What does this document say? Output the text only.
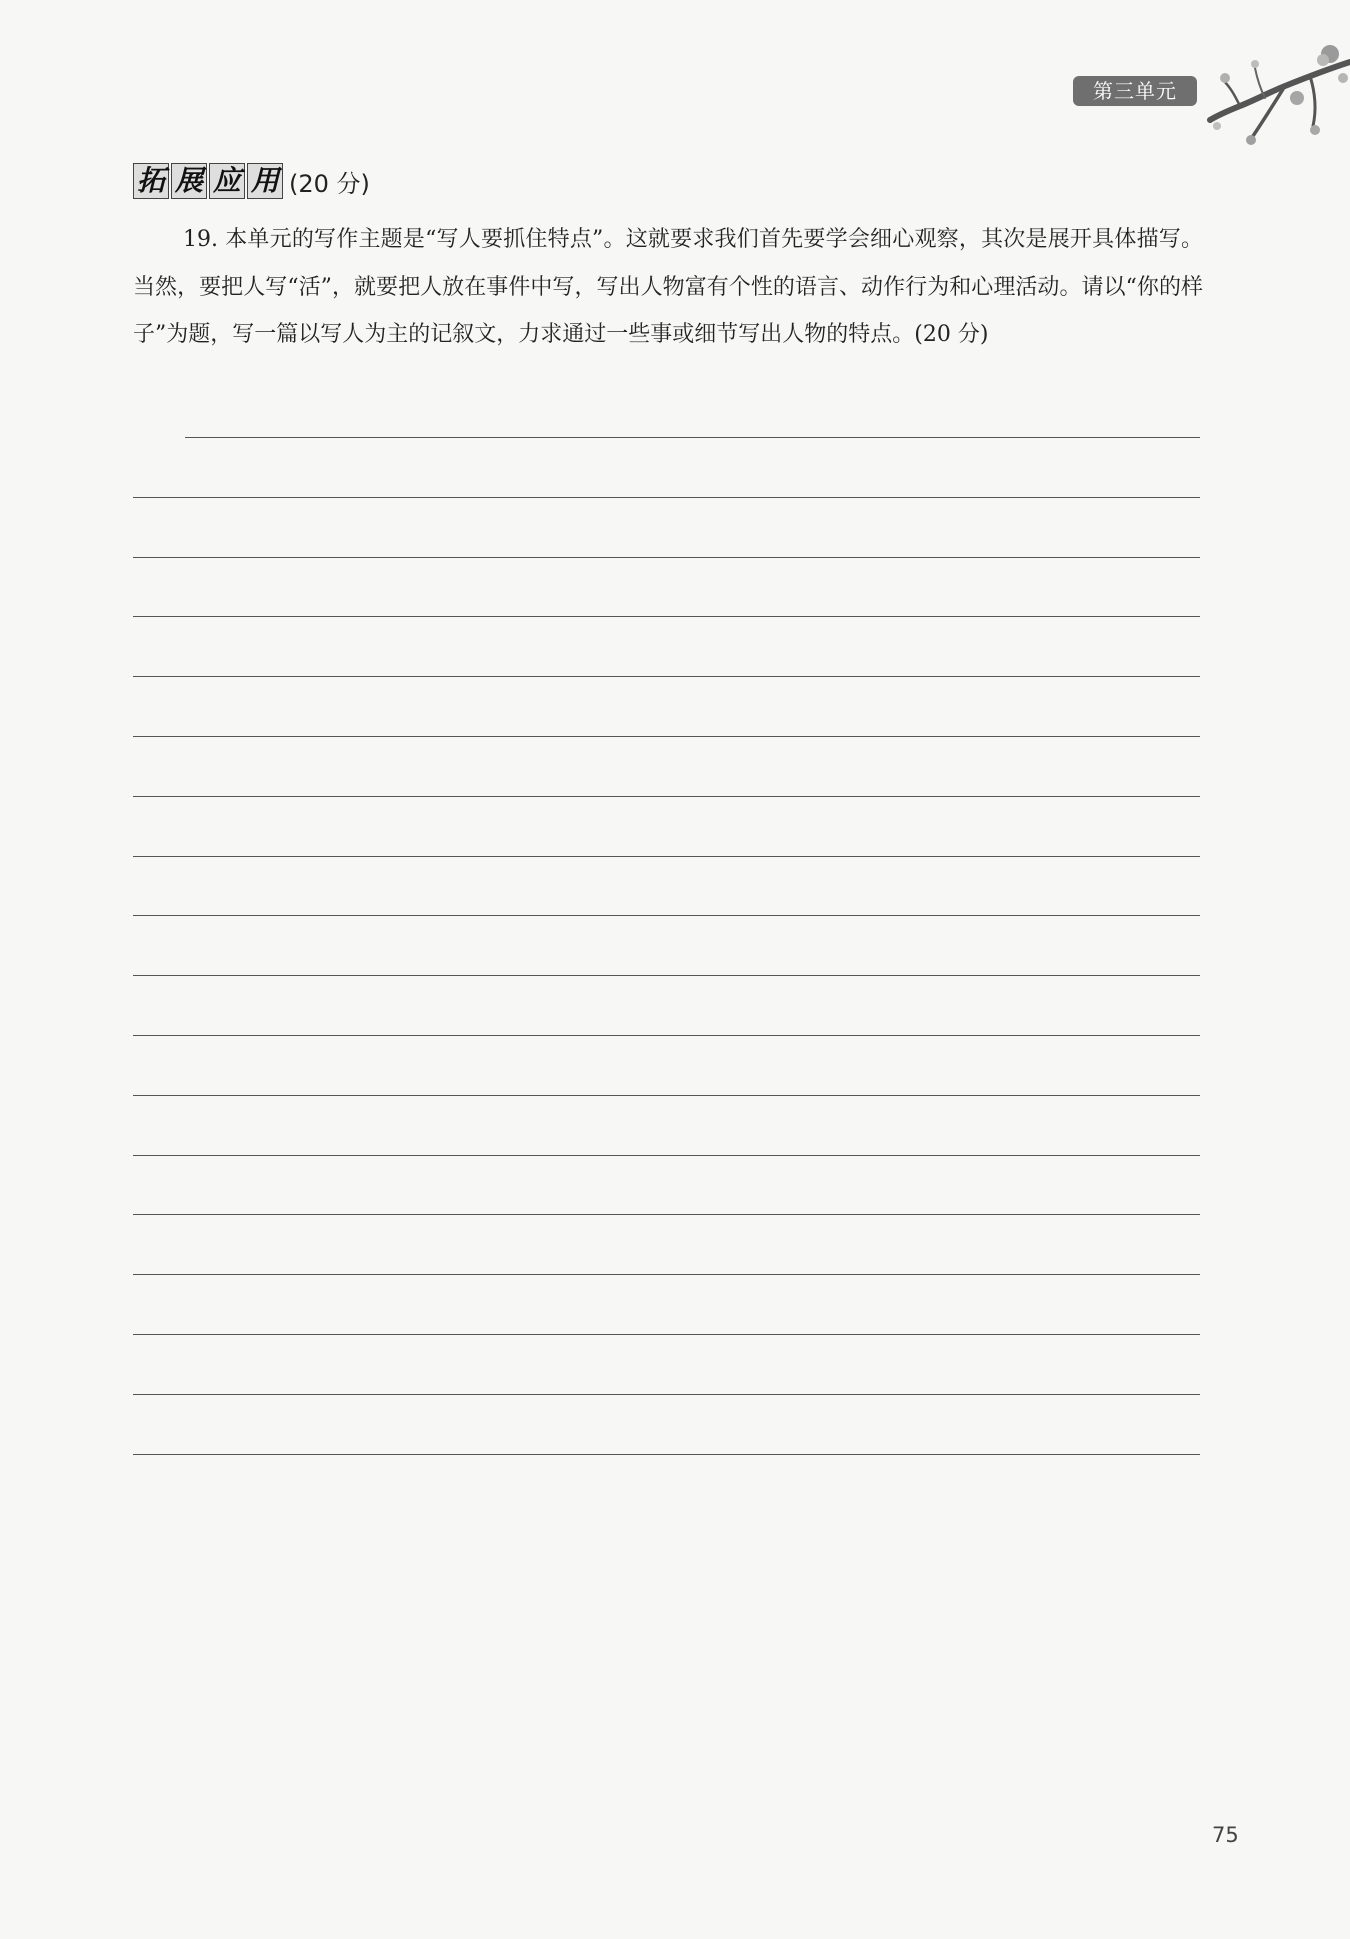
第三单元
拓 展 应 用 (20 分)
19. 本单元的写作主题是“写人要抓住特点”。这就要求我们首先要学会细心观察，其次是展开具体描写。当然，要把人写“活”，就要把人放在事件中写，写出人物富有个性的语言、动作行为和心理活动。请以“你的样子”为题，写一篇以写人为主的记叙文，力求通过一些事或细节写出人物的特点。(20 分)
75
